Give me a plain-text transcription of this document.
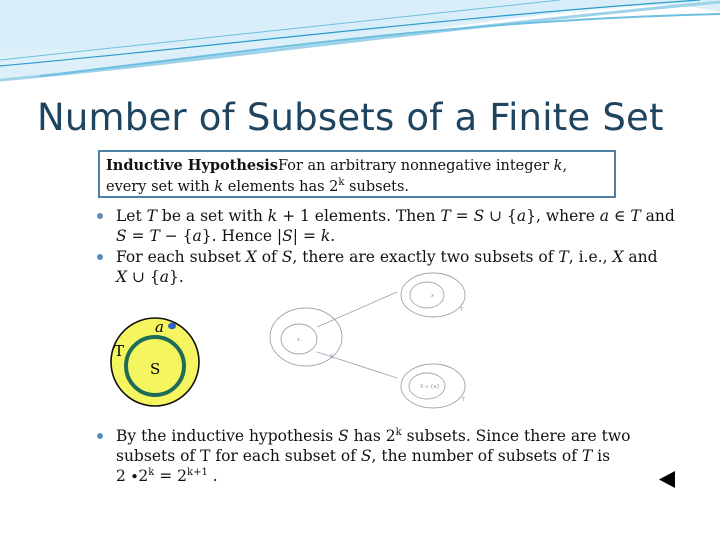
Number of Subsets of a Finite Set
Inductive HypothesisFor an arbitrary nonnegative integer k,
every set with k elements has 2$^k$ subsets.
Let T be a set with k + 1 elements. Then T = S ∪ {a}, where a ∈ T and
S = T − {a}. Hence |S| = k.
For each subset X of S, there are exactly two subsets of T, i.e., X and
X ∪ {a}.
a
T
S
x
T
x
S
X ∪ {a}
T
By the inductive hypothesis S has 2$^k$ subsets. Since there are two
subsets of T for each subset of S, the number of subsets of T is
$2 \cdot 2^k = 2^{k+1}$ .
